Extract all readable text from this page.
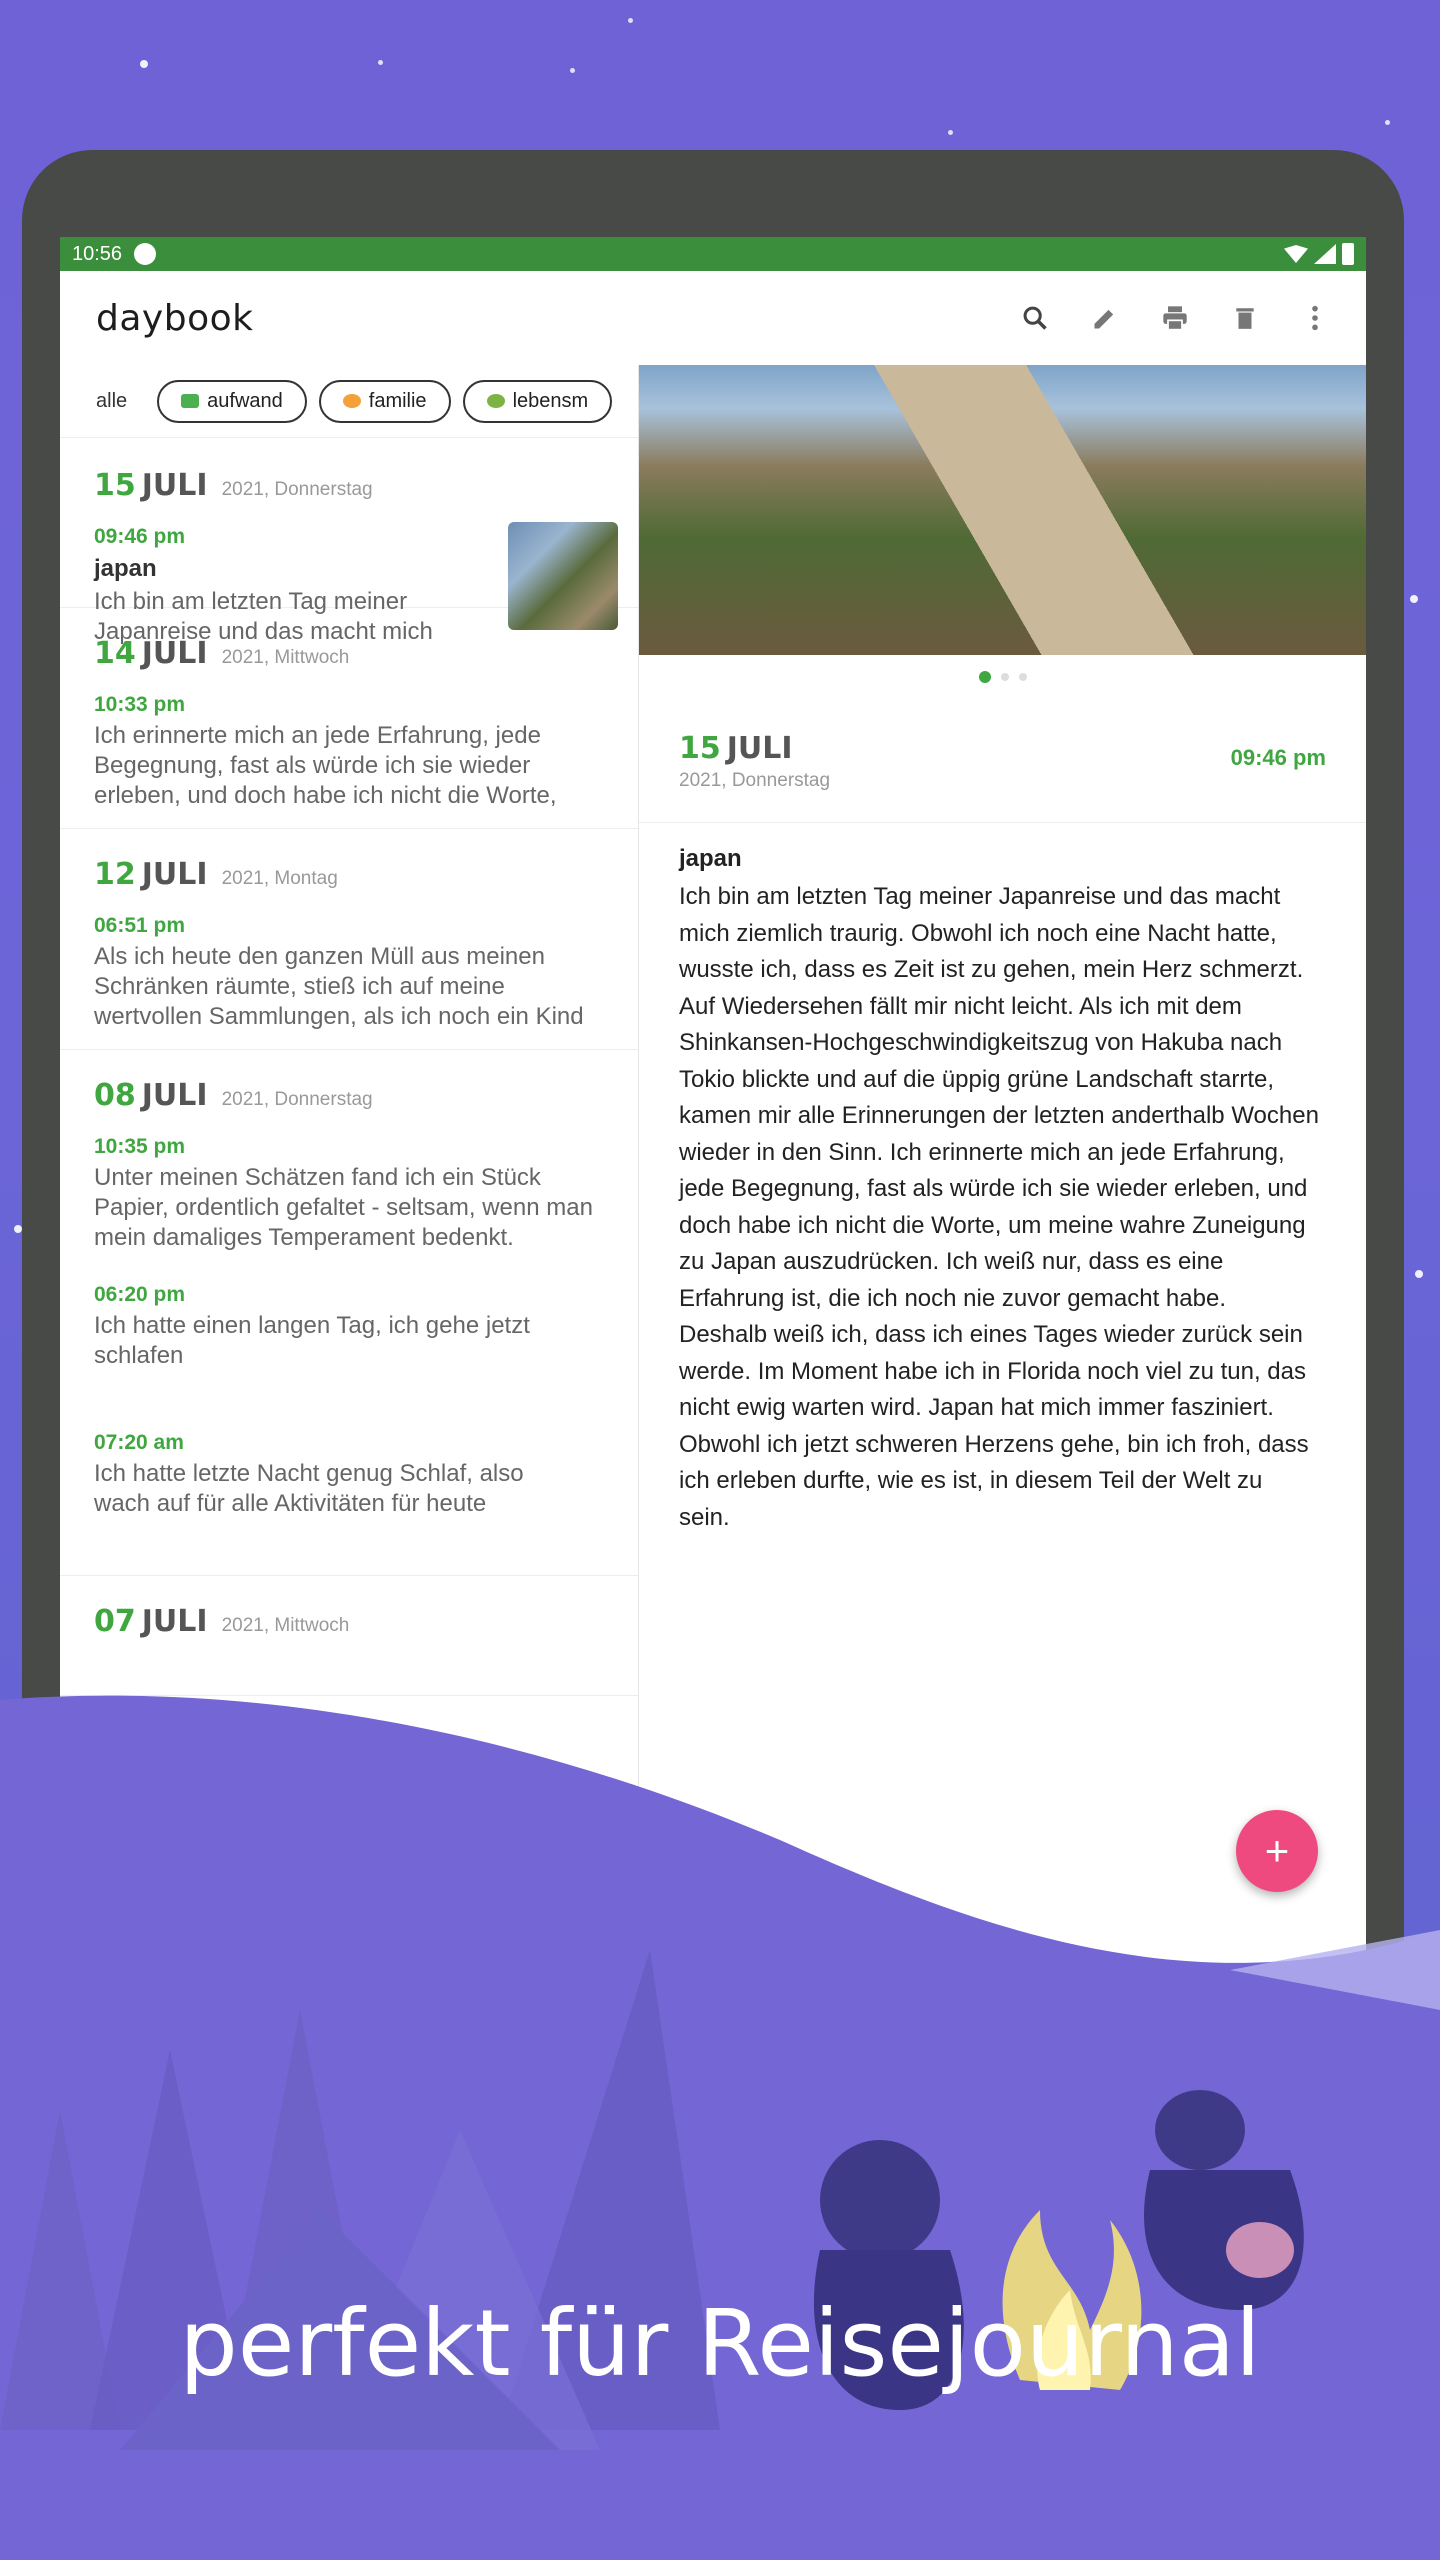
10:56
daybook
alle	aufwand	familie	lebensm
15 JULI 2021, Donnerstag
09:46 pm
japan
Ich bin am letzten Tag meiner Japanreise und das macht mich
14 JULI 2021, Mittwoch
10:33 pm
Ich erinnerte mich an jede Erfahrung, jede Begegnung, fast als würde ich sie wieder erleben, und doch habe ich nicht die Worte,
12 JULI 2021, Montag
06:51 pm
Als ich heute den ganzen Müll aus meinen Schränken räumte, stieß ich auf meine wertvollen Sammlungen, als ich noch ein Kind
08 JULI 2021, Donnerstag
10:35 pm
Unter meinen Schätzen fand ich ein Stück Papier, ordentlich gefaltet - seltsam, wenn man mein damaliges Temperament bedenkt.
06:20 pm
Ich hatte einen langen Tag, ich gehe jetzt schlafen
07:20 am
Ich hatte letzte Nacht genug Schlaf, also wach auf für alle Aktivitäten für heute
07 JULI 2021, Mittwoch
15 JULI
2021, Donnerstag
09:46 pm
japan
Ich bin am letzten Tag meiner Japanreise und das macht mich ziemlich traurig. Obwohl ich noch eine Nacht hatte, wusste ich, dass es Zeit ist zu gehen, mein Herz schmerzt. Auf Wiedersehen fällt mir nicht leicht. Als ich mit dem Shinkansen-Hochgeschwindigkeitszug von Hakuba nach Tokio blickte und auf die üppig grüne Landschaft starrte, kamen mir alle Erinnerungen der letzten anderthalb Wochen wieder in den Sinn. Ich erinnerte mich an jede Erfahrung, jede Begegnung, fast als würde ich sie wieder erleben, und doch habe ich nicht die Worte, um meine wahre Zuneigung zu Japan auszudrücken. Ich weiß nur, dass es eine Erfahrung ist, die ich noch nie zuvor gemacht habe. Deshalb weiß ich, dass ich eines Tages wieder zurück sein werde. Im Moment habe ich in Florida noch viel zu tun, das nicht ewig warten wird. Japan hat mich immer fasziniert. Obwohl ich jetzt schweren Herzens gehe, bin ich froh, dass ich erleben durfte, wie es ist, in diesem Teil der Welt zu sein.
+
perfekt für Reisejournal
